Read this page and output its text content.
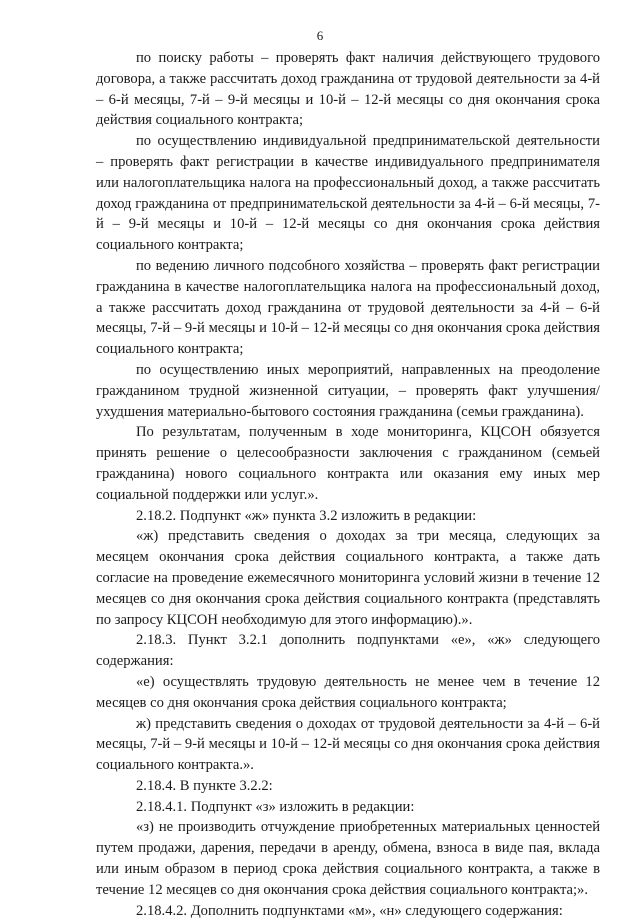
6

по поиску работы – проверять факт наличия действующего трудового договора, а также рассчитать доход гражданина от трудовой деятельности за 4-й – 6-й месяцы, 7-й – 9-й месяцы и 10-й – 12-й месяцы со дня окончания срока действия социального контракта;

по осуществлению индивидуальной предпринимательской деятельности – проверять факт регистрации в качестве индивидуального предпринимателя или налогоплательщика налога на профессиональный доход, а также рассчитать доход гражданина от предпринимательской деятельности за 4-й – 6-й месяцы, 7-й – 9-й месяцы и 10-й – 12-й месяцы со дня окончания срока действия социального контракта;

по ведению личного подсобного хозяйства – проверять факт регистрации гражданина в качестве налогоплательщика налога на профессиональный доход, а также рассчитать доход гражданина от трудовой деятельности за 4-й – 6-й месяцы, 7-й – 9-й месяцы и 10-й – 12-й месяцы со дня окончания срока действия социального контракта;

по осуществлению иных мероприятий, направленных на преодоление гражданином трудной жизненной ситуации, – проверять факт улучшения/ ухудшения материально-бытового состояния гражданина (семьи гражданина).

По результатам, полученным в ходе мониторинга, КЦСОН обязуется принять решение о целесообразности заключения с гражданином (семьей гражданина) нового социального контракта или оказания ему иных мер социальной поддержки или услуг.».

2.18.2. Подпункт «ж» пункта 3.2 изложить в редакции:

«ж) представить сведения о доходах за три месяца, следующих за месяцем окончания срока действия социального контракта, а также дать согласие на проведение ежемесячного мониторинга условий жизни в течение 12 месяцев со дня окончания срока действия социального контракта (представлять по запросу КЦСОН необходимую для этого информацию).».

2.18.3. Пункт 3.2.1 дополнить подпунктами «е», «ж» следующего содержания:

«е) осуществлять трудовую деятельность не менее чем в течение 12 месяцев со дня окончания срока действия социального контракта;

ж) представить сведения о доходах от трудовой деятельности за 4-й – 6-й месяцы, 7-й – 9-й месяцы и 10-й – 12-й месяцы со дня окончания срока действия социального контракта.».

2.18.4. В пункте 3.2.2:

2.18.4.1. Подпункт «з» изложить в редакции:

«з) не производить отчуждение приобретенных материальных ценностей путем продажи, дарения, передачи в аренду, обмена, взноса в виде пая, вклада или иным образом в период срока действия социального контракта, а также в течение 12 месяцев со дня окончания срока действия социального контракта;».

2.18.4.2. Дополнить подпунктами «м», «н» следующего содержания:
